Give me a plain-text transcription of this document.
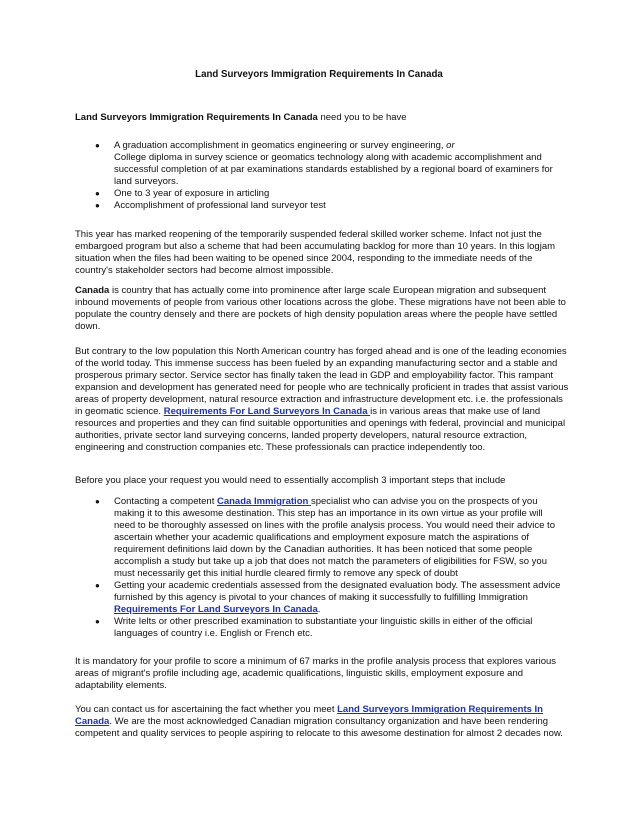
Land Surveyors Immigration Requirements In Canada

Land Surveyors Immigration Requirements In Canada need you to be have

● A graduation accomplishment in geomatics engineering or survey engineering, or
College diploma in survey science or geomatics technology along with academic accomplishment and successful completion of at par examinations standards established by a regional board of examiners for land surveyors.
● One to 3 year of exposure in articling
● Accomplishment of professional land surveyor test

This year has marked reopening of the temporarily suspended federal skilled worker scheme. Infact not just the embargoed program but also a scheme that had been accumulating backlog for more than 10 years. In this logjam situation when the files had been waiting to be opened since 2004, responding to the immediate needs of the country's stakeholder sectors had become almost impossible.

Canada is country that has actually come into prominence after large scale European migration and subsequent inbound movements of people from various other locations across the globe. These migrations have not been able to populate the country densely and there are pockets of high density population areas where the people have settled down.

But contrary to the low population this North American country has forged ahead and is one of the leading economies of the world today. This immense success has been fueled by an expanding manufacturing sector and a stable and prosperous primary sector. Service sector has finally taken the lead in GDP and employability factor. This rampant expansion and development has generated need for people who are technically proficient in trades that assist various areas of property development, natural resource extraction and infrastructure development etc. i.e. the professionals in geomatic science. Requirements For Land Surveyors In Canada is in various areas that make use of land resources and properties and they can find suitable opportunities and openings with federal, provincial and municipal authorities, private sector land surveying concerns, landed property developers, natural resource extraction, engineering and construction companies etc. These professionals can practice independently too.

Before you place your request you would need to essentially accomplish 3 important steps that include

● Contacting a competent Canada Immigration specialist who can advise you on the prospects of you making it to this awesome destination. This step has an importance in its own virtue as your profile will need to be thoroughly assessed on lines with the profile analysis process. You would need their advice to ascertain whether your academic qualifications and employment exposure match the aspirations of requirement definitions laid down by the Canadian authorities. It has been noticed that some people accomplish a study but take up a job that does not match the parameters of eligibilities for FSW, so you must necessarily get this initial hurdle cleared firmly to remove any speck of doubt
● Getting your academic credentials assessed from the designated evaluation body. The assessment advice furnished by this agency is pivotal to your chances of making it successfully to fulfilling Immigration Requirements For Land Surveyors In Canada.
● Write Ielts or other prescribed examination to substantiate your linguistic skills in either of the official languages of country i.e. English or French etc.

It is mandatory for your profile to score a minimum of 67 marks in the profile analysis process that explores various areas of migrant's profile including age, academic qualifications, linguistic skills, employment exposure and adaptability elements.

You can contact us for ascertaining the fact whether you meet Land Surveyors Immigration Requirements In Canada. We are the most acknowledged Canadian migration consultancy organization and have been rendering competent and quality services to people aspiring to relocate to this awesome destination for almost 2 decades now.
